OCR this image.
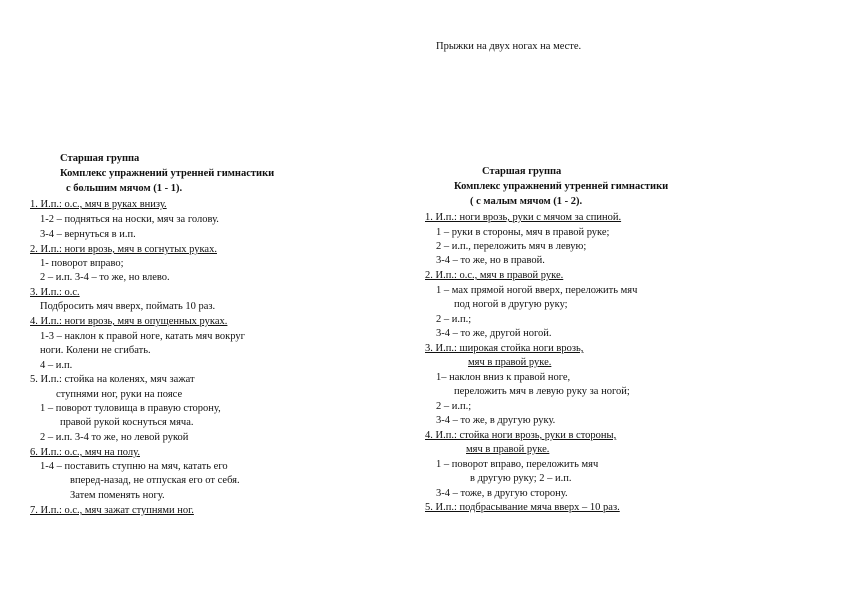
Прыжки на двух ногах на месте.
Старшая группа
Комплекс упражнений утренней гимнастики
с большим мячом (1 - 1).
1. И.п.: о.с., мяч в руках внизу.
1-2 – подняться на носки, мяч за голову.
3-4 – вернуться в и.п.
2. И.п.: ноги врозь, мяч в согнутых руках.
1- поворот вправо;
2 – и.п. 3-4 – то же, но влево.
3. И.п.: о.с.
Подбросить мяч вверх, поймать 10 раз.
4. И.п.: ноги врозь, мяч в опущенных руках.
1-3 – наклон к правой ноге, катать мяч вокруг
ноги. Колени не сгибать.
4 – и.п.
5. И.п.: стойка на коленях, мяч зажат
ступнями ног, руки на поясе
1 – поворот туловища в правую сторону,
правой рукой коснуться мяча.
2 – и.п. 3-4 то же, но левой рукой
6. И.п.: о.с., мяч на полу.
1-4 – поставить ступню на мяч, катать его
вперед-назад, не отпуская его от себя.
Затем поменять ногу.
7. И.п.: о.с., мяч зажат ступнями ног.
Старшая группа
Комплекс упражнений утренней гимнастики
( с малым мячом (1 - 2).
1. И.п.: ноги врозь, руки с мячом за спиной.
1 – руки в стороны, мяч в правой руке;
2 – и.п., переложить мяч в левую;
3-4 – то же, но в правой.
2. И.п.: о.с., мяч в правой руке.
1 – мах прямой ногой вверх, переложить мяч
под ногой в другую руку;
2 – и.п.;
3-4 – то же, другой ногой.
3. И.п.: широкая стойка ноги врозь,
мяч в правой руке.
1– наклон вниз к правой ноге,
переложить мяч в левую руку за ногой;
2 – и.п.;
3-4 – то же, в другую руку.
4. И.п.: стойка ноги врозь, руки в стороны,
мяч в правой руке.
1 – поворот вправо, переложить мяч
в другую руку; 2 – и.п.
3-4 – тоже, в другую сторону.
5. И.п.: подбрасывание мяча вверх – 10 раз.
